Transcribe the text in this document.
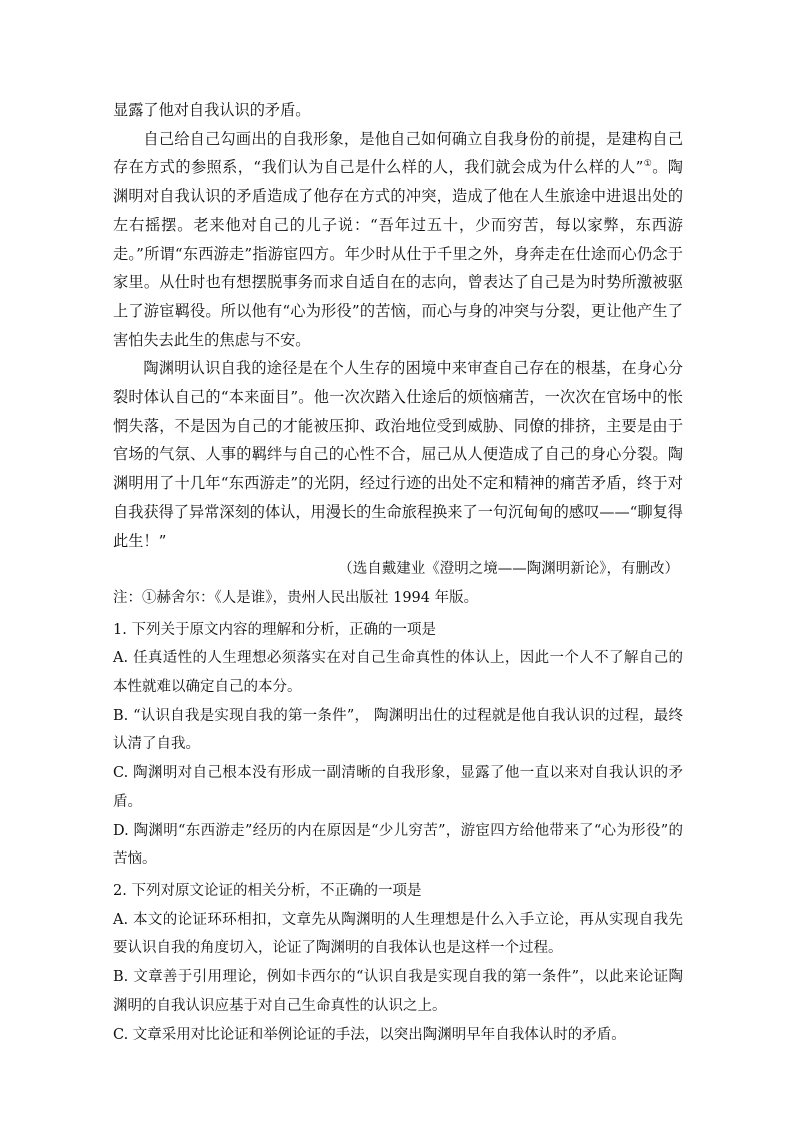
显露了他对自我认识的矛盾。

自己给自己勾画出的自我形象，是他自己如何确立自我身份的前提，是建构自己存在方式的参照系，“我们认为自己是什么样的人，我们就会成为什么样的人”①。陶渊明对自我认识的矛盾造成了他存在方式的冲突，造成了他在人生旅途中进退出处的左右摇摆。老来他对自己的儿子说：“吾年过五十，少而穷苦，每以家弊，东西游走。”所谓“东西游走”指游宦四方。年少时从仕于千里之外，身奔走在仕途而心仍念于家里。从仕时也有想摆脱事务而求自适自在的志向，曾表达了自己是为时势所激被驱上了游宦羁役。所以他有“心为形役”的苦恼，而心与身的冲突与分裂，更让他产生了害怕失去此生的焦虑与不安。

陶渊明认识自我的途径是在个人生存的困境中来审查自己存在的根基，在身心分裂时体认自己的“本来面目”。他一次次踏入仕途后的烦恼痛苦，一次次在官场中的怅惘失落，不是因为自己的才能被压抑、政治地位受到威胁、同僚的排挤，主要是由于官场的气氛、人事的羁绊与自己的心性不合，屈己从人便造成了自己的身心分裂。陶渊明用了十几年“东西游走”的光阴，经过行迹的出处不定和精神的痛苦矛盾，终于对自我获得了异常深刻的体认，用漫长的生命旅程换来了一句沉甸甸的感叹——“聊复得此生！”

（选自戴建业《澄明之境——陶渊明新论》，有删改）

注：①赫舍尔：《人是谁》，贵州人民出版社 1994 年版。

1. 下列关于原文内容的理解和分析，正确的一项是

A. 任真适性的人生理想必须落实在对自己生命真性的体认上，因此一个人不了解自己的本性就难以确定自己的本分。

B. “认识自我是实现自我的第一条件”， 陶渊明出仕的过程就是他自我认识的过程，最终认清了自我。

C. 陶渊明对自己根本没有形成一副清晰的自我形象，显露了他一直以来对自我认识的矛盾。

D. 陶渊明“东西游走”经历的内在原因是“少儿穷苦”，游宦四方给他带来了“心为形役”的苦恼。

2. 下列对原文论证的相关分析，不正确的一项是

A. 本文的论证环环相扣，文章先从陶渊明的人生理想是什么入手立论，再从实现自我先要认识自我的角度切入，论证了陶渊明的自我体认也是这样一个过程。

B. 文章善于引用理论，例如卡西尔的“认识自我是实现自我的第一条件”，以此来论证陶渊明的自我认识应基于对自己生命真性的认识之上。

C. 文章采用对比论证和举例论证的手法，以突出陶渊明早年自我体认时的矛盾。
